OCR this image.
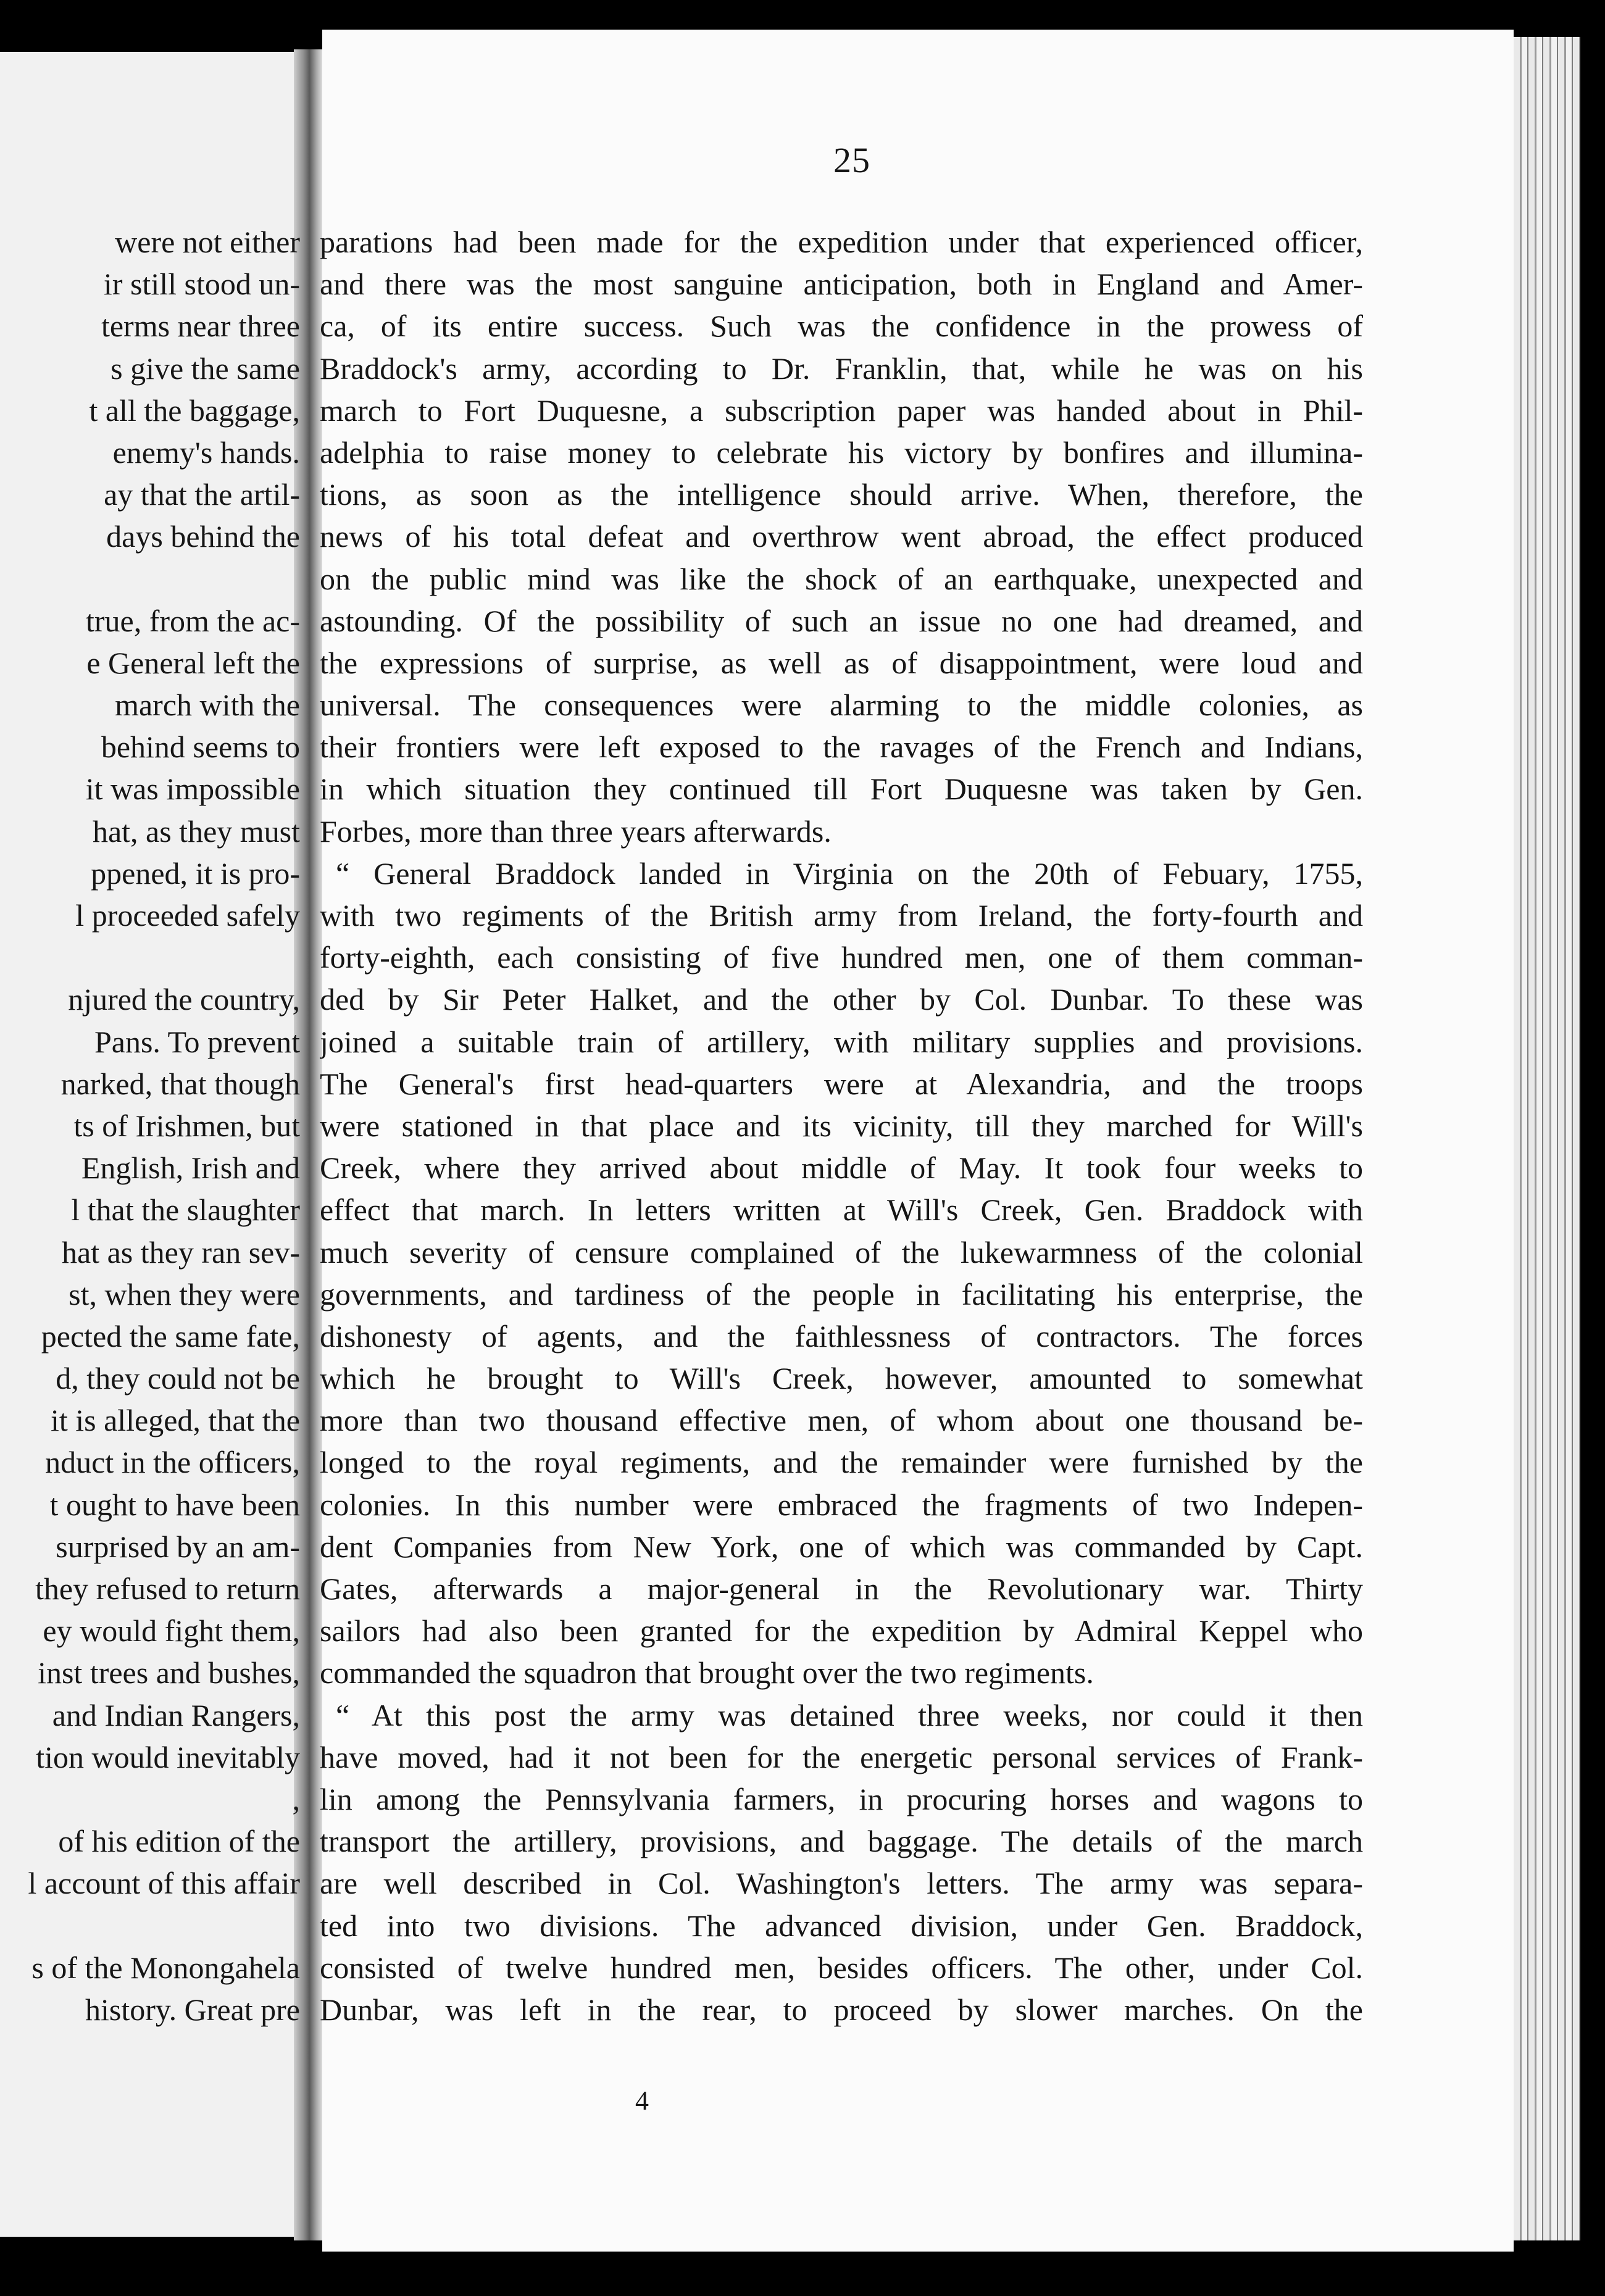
25
were not either
ir still stood un-
terms near three
s give the same
t all the baggage,
enemy's hands.
ay that the artil-
days behind the
true, from the ac-
e General left the
march with the
behind seems to
it was impossible
hat, as they must
ppened, it is pro-
l proceeded safely
njured the country,
Pans. To prevent
narked, that though
ts of Irishmen, but
English, Irish and
l that the slaughter
hat as they ran sev-
st, when they were
pected the same fate,
d, they could not be
it is alleged, that the
nduct in the officers,
t ought to have been
surprised by an am-
they refused to return
ey would fight them,
inst trees and bushes,
and Indian Rangers,
tion would inevitably
,
of his edition of the
l account of this affair
s of the Monongahela
history. Great pre
parations had been made for the expedition under that experienced officer,
and there was the most sanguine anticipation, both in England and Amer-
ca, of its entire success. Such was the confidence in the prowess of
Braddock's army, according to Dr. Franklin, that, while he was on his
march to Fort Duquesne, a subscription paper was handed about in Phil-
adelphia to raise money to celebrate his victory by bonfires and illumina-
tions, as soon as the intelligence should arrive. When, therefore, the
news of his total defeat and overthrow went abroad, the effect produced
on the public mind was like the shock of an earthquake, unexpected and
astounding. Of the possibility of such an issue no one had dreamed, and
the expressions of surprise, as well as of disappointment, were loud and
universal. The consequences were alarming to the middle colonies, as
their frontiers were left exposed to the ravages of the French and Indians,
in which situation they continued till Fort Duquesne was taken by Gen.
Forbes, more than three years afterwards.
“ General Braddock landed in Virginia on the 20th of Febuary, 1755,
with two regiments of the British army from Ireland, the forty-fourth and
forty-eighth, each consisting of five hundred men, one of them comman-
ded by Sir Peter Halket, and the other by Col. Dunbar. To these was
joined a suitable train of artillery, with military supplies and provisions.
The General's first head-quarters were at Alexandria, and the troops
were stationed in that place and its vicinity, till they marched for Will's
Creek, where they arrived about middle of May. It took four weeks to
effect that march. In letters written at Will's Creek, Gen. Braddock with
much severity of censure complained of the lukewarmness of the colonial
governments, and tardiness of the people in facilitating his enterprise, the
dishonesty of agents, and the faithlessness of contractors. The forces
which he brought to Will's Creek, however, amounted to somewhat
more than two thousand effective men, of whom about one thousand be-
longed to the royal regiments, and the remainder were furnished by the
colonies. In this number were embraced the fragments of two Indepen-
dent Companies from New York, one of which was commanded by Capt.
Gates, afterwards a major-general in the Revolutionary war. Thirty
sailors had also been granted for the expedition by Admiral Keppel who
commanded the squadron that brought over the two regiments.
“ At this post the army was detained three weeks, nor could it then
have moved, had it not been for the energetic personal services of Frank-
lin among the Pennsylvania farmers, in procuring horses and wagons to
transport the artillery, provisions, and baggage. The details of the march
are well described in Col. Washington's letters. The army was separa-
ted into two divisions. The advanced division, under Gen. Braddock,
consisted of twelve hundred men, besides officers. The other, under Col.
Dunbar, was left in the rear, to proceed by slower marches. On the
4
